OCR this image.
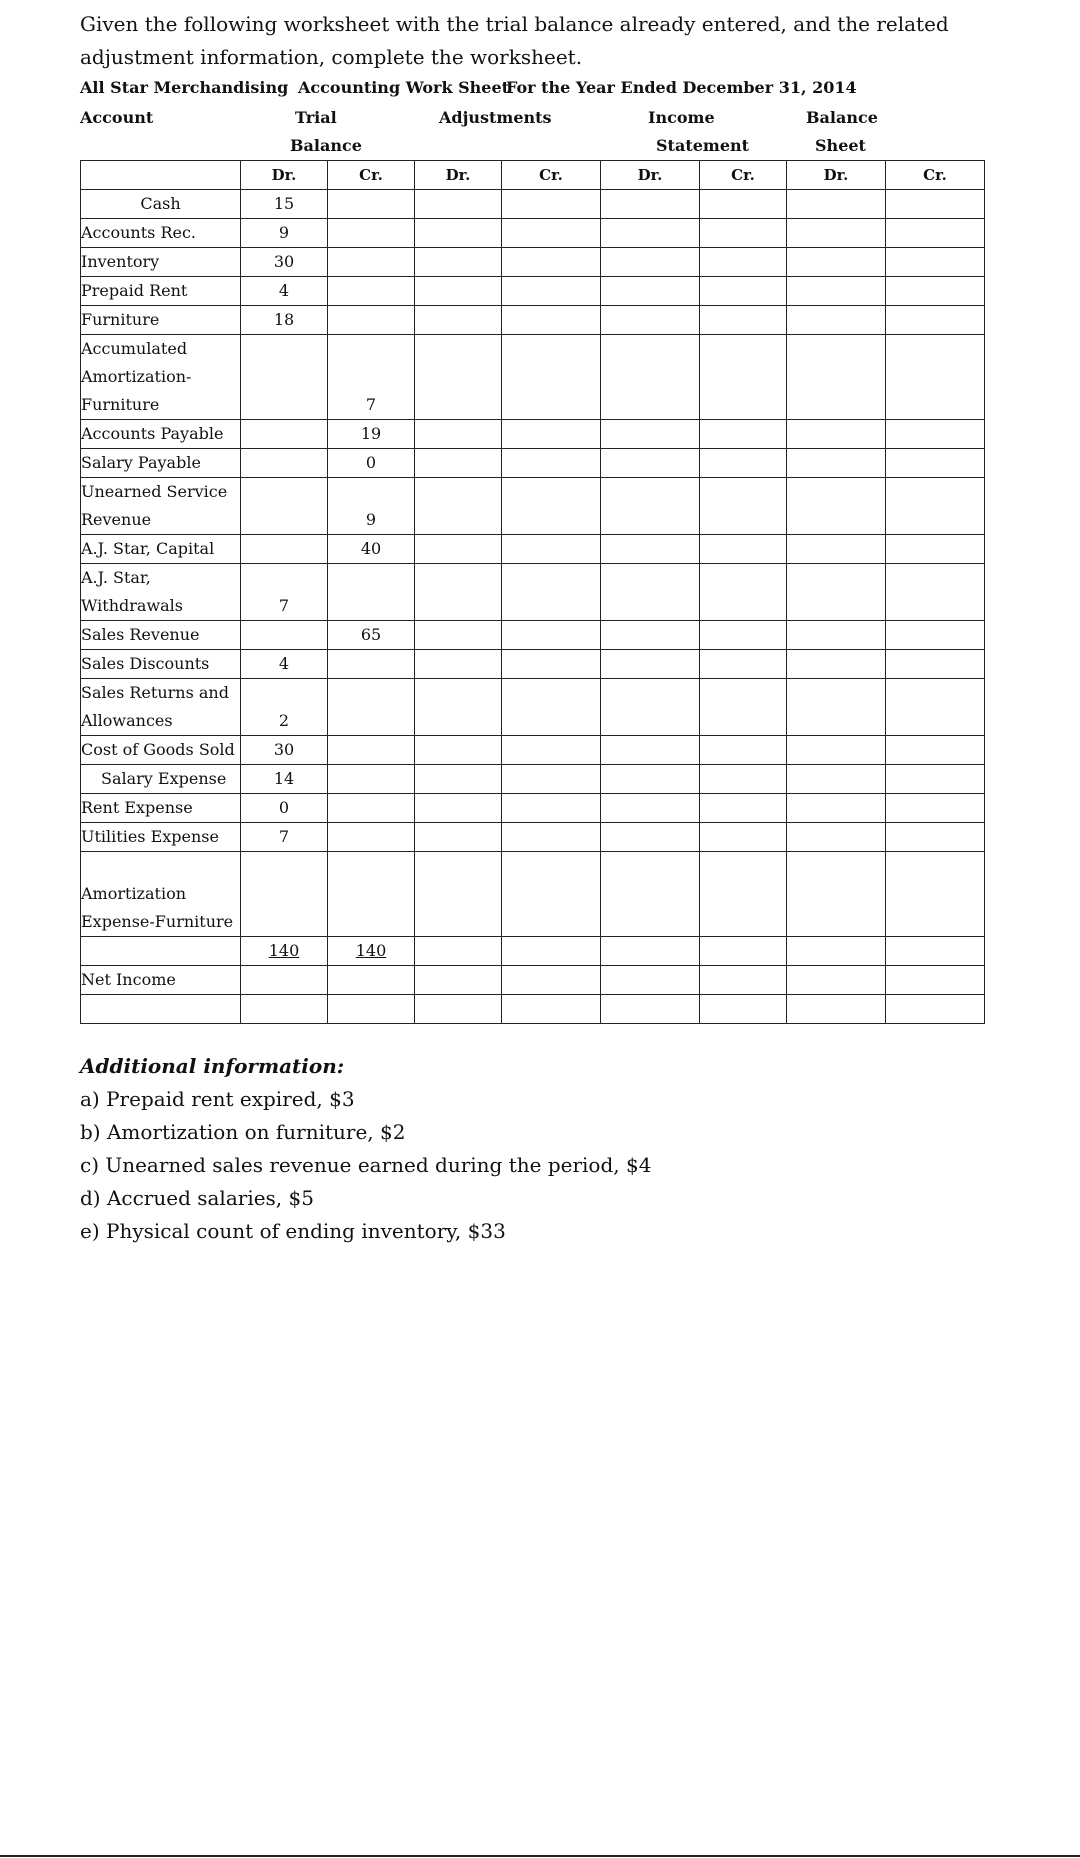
Given the following worksheet with the trial balance already entered, and the related adjustment information, complete the worksheet.

All Star Merchandising Accounting Work Sheet
For the Year Ended December 31, 2014
Account	Trial
Balance
Adjustments	Income
Statement
Balance
Sheet
	Dr.	Cr.	Dr.	Cr.	Dr.	Cr.	Dr.	Cr.
Cash	15							
Accounts Rec.	9							
Inventory	30							
Prepaid Rent	4							
Furniture	18							
Accumulated Amortization-Furniture		7						
Accounts Payable		19						
Salary Payable		0						
Unearned Service Revenue		9						
A.J. Star, Capital		40						
A.J. Star, Withdrawals	7							
Sales Revenue		65						
Sales Discounts	4							
Sales Returns and Allowances	2							
Cost of Goods Sold	30							
Salary Expense	14							
Rent Expense	0							
Utilities Expense	7							
Amortization Expense-Furniture								
	140	140						
Net Income								

Additional information:
a) Prepaid rent expired, $3
b) Amortization on furniture, $2
c) Unearned sales revenue earned during the period, $4
d) Accrued salaries, $5
e) Physical count of ending inventory, $33
